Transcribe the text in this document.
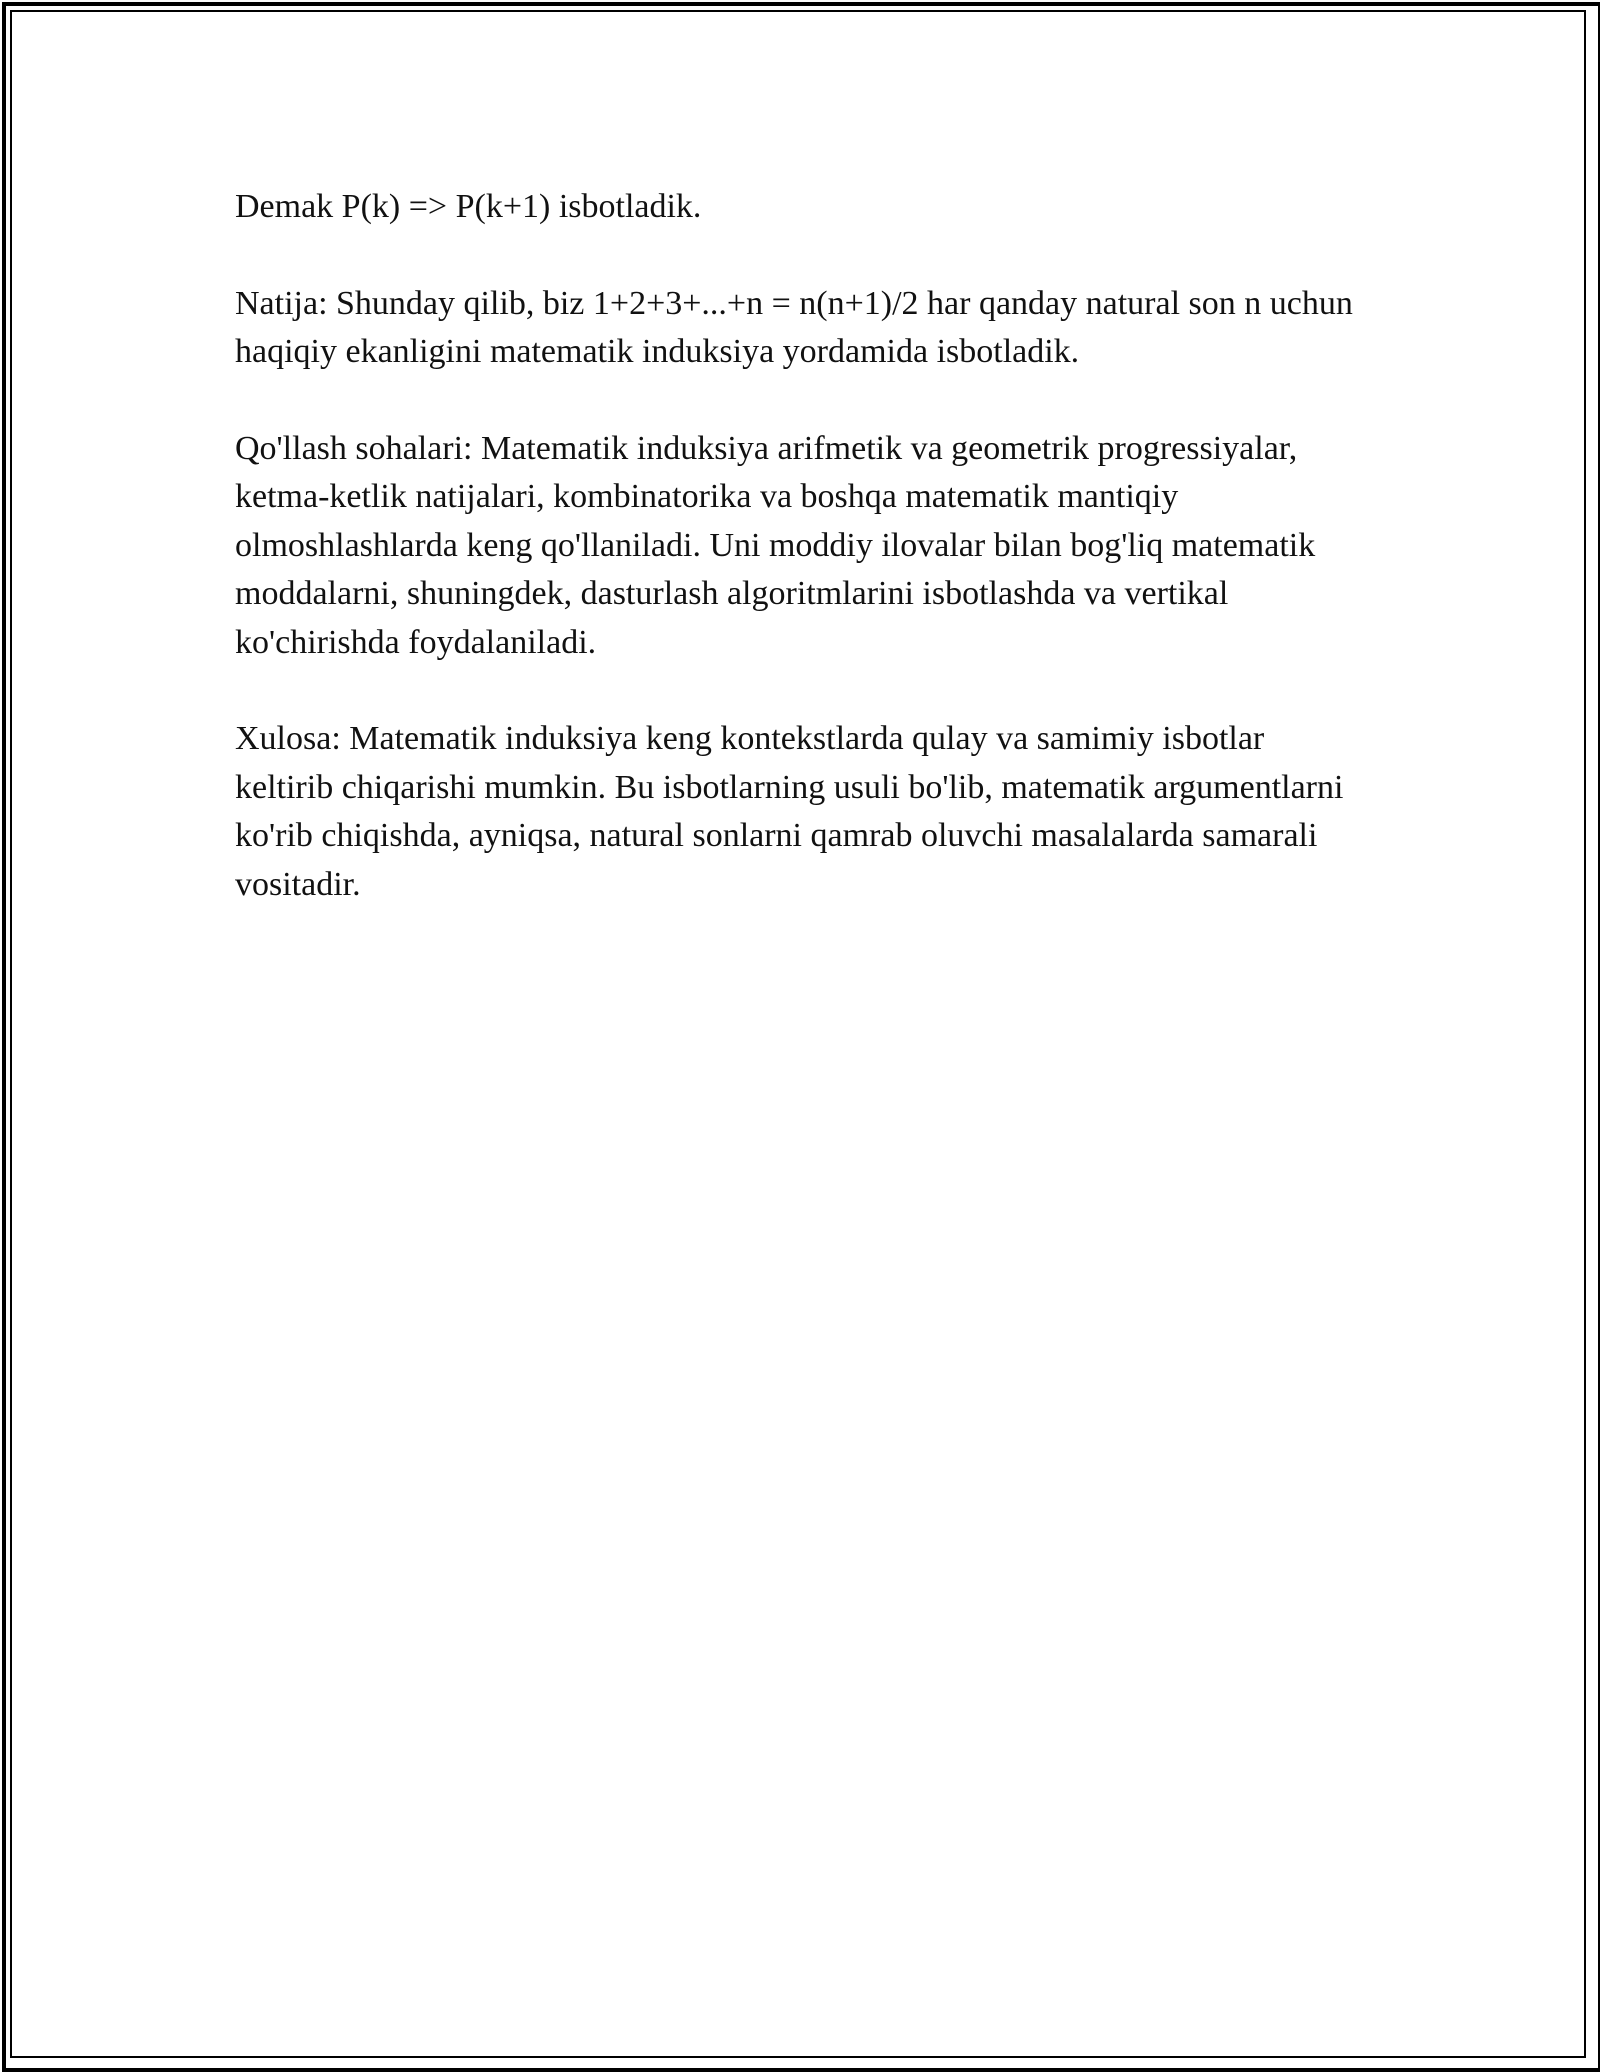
Demak P(k) => P(k+1) isbotladik.

Natija: Shunday qilib, biz 1+2+3+...+n = n(n+1)/2 har qanday natural son n uchun haqiqiy ekanligini matematik induksiya yordamida isbotladik.

Qo'llash sohalari: Matematik induksiya arifmetik va geometrik progressiyalar, ketma-ketlik natijalari, kombinatorika va boshqa matematik mantiqiy olmoshlashlarda keng qo'llaniladi. Uni moddiy ilovalar bilan bog'liq matematik moddalarni, shuningdek, dasturlash algoritmlarini isbotlashda va vertikal ko'chirishda foydalaniladi.

Xulosa: Matematik induksiya keng kontekstlarda qulay va samimiy isbotlar keltirib chiqarishi mumkin. Bu isbotlarning usuli bo'lib, matematik argumentlarni ko'rib chiqishda, ayniqsa, natural sonlarni qamrab oluvchi masalalarda samarali vositadir.
